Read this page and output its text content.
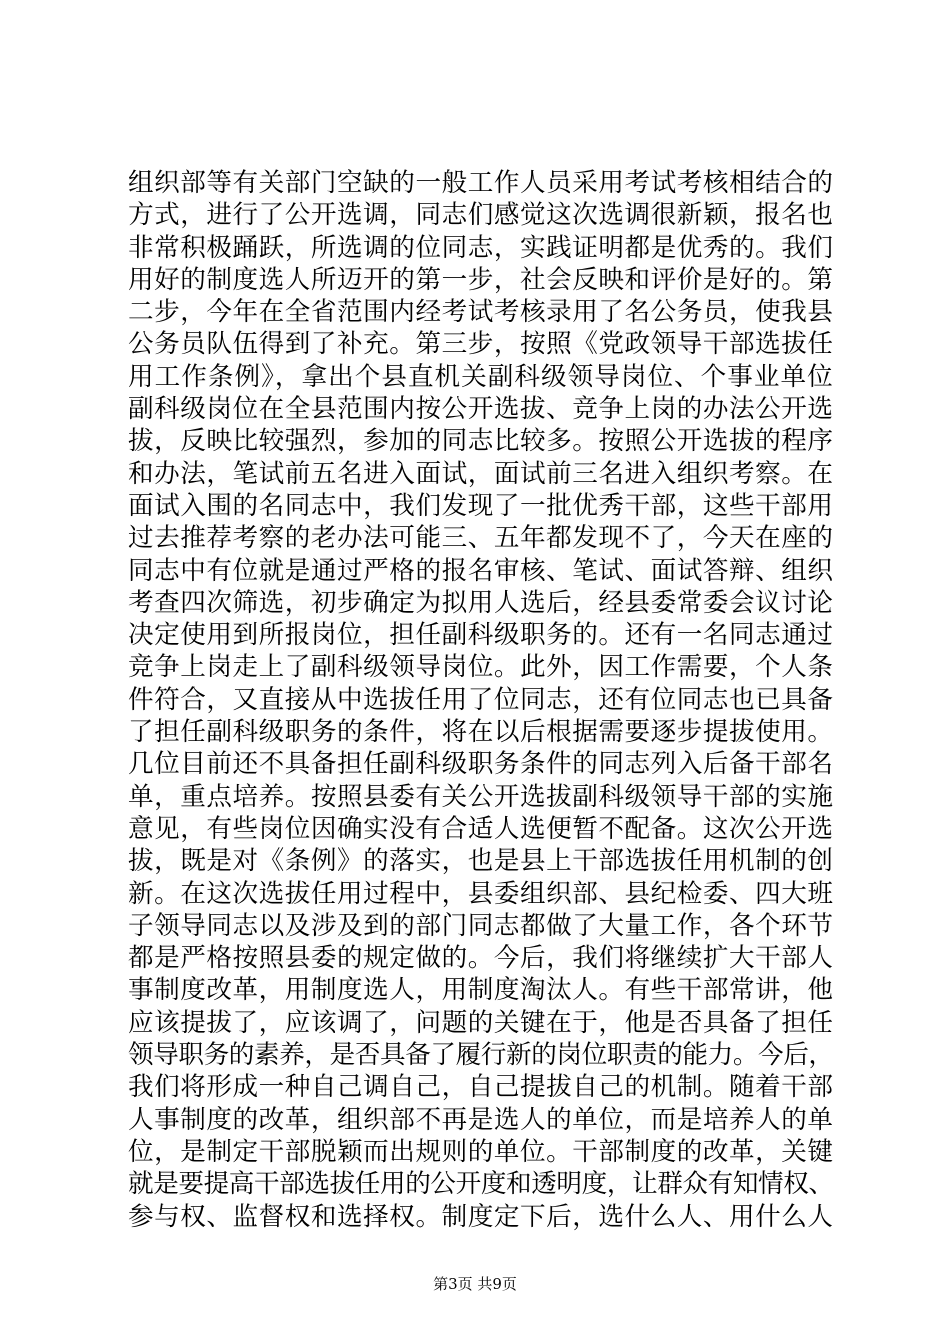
组织部等有关部门空缺的一般工作人员采用考试考核相结合的
方式，进行了公开选调，同志们感觉这次选调很新颖，报名也
非常积极踊跃，所选调的位同志，实践证明都是优秀的。我们
用好的制度选人所迈开的第一步，社会反映和评价是好的。第
二步，今年在全省范围内经考试考核录用了名公务员，使我县
公务员队伍得到了补充。第三步，按照《党政领导干部选拔任
用工作条例》，拿出个县直机关副科级领导岗位、个事业单位
副科级岗位在全县范围内按公开选拔、竞争上岗的办法公开选
拔，反映比较强烈，参加的同志比较多。按照公开选拔的程序
和办法，笔试前五名进入面试，面试前三名进入组织考察。在
面试入围的名同志中，我们发现了一批优秀干部，这些干部用
过去推荐考察的老办法可能三、五年都发现不了，今天在座的
同志中有位就是通过严格的报名审核、笔试、面试答辩、组织
考查四次筛选，初步确定为拟用人选后，经县委常委会议讨论
决定使用到所报岗位，担任副科级职务的。还有一名同志通过
竞争上岗走上了副科级领导岗位。此外，因工作需要，个人条
件符合，又直接从中选拔任用了位同志，还有位同志也已具备
了担任副科级职务的条件，将在以后根据需要逐步提拔使用。
几位目前还不具备担任副科级职务条件的同志列入后备干部名
单，重点培养。按照县委有关公开选拔副科级领导干部的实施
意见，有些岗位因确实没有合适人选便暂不配备。这次公开选
拔，既是对《条例》的落实，也是县上干部选拔任用机制的创
新。在这次选拔任用过程中，县委组织部、县纪检委、四大班
子领导同志以及涉及到的部门同志都做了大量工作，各个环节
都是严格按照县委的规定做的。今后，我们将继续扩大干部人
事制度改革，用制度选人，用制度淘汰人。有些干部常讲，他
应该提拔了，应该调了，问题的关键在于，他是否具备了担任
领导职务的素养，是否具备了履行新的岗位职责的能力。今后，
我们将形成一种自己调自己，自己提拔自己的机制。随着干部
人事制度的改革，组织部不再是选人的单位，而是培养人的单
位，是制定干部脱颖而出规则的单位。干部制度的改革，关键
就是要提高干部选拔任用的公开度和透明度，让群众有知情权、
参与权、监督权和选择权。制度定下后，选什么人、用什么人
第3页 共9页
